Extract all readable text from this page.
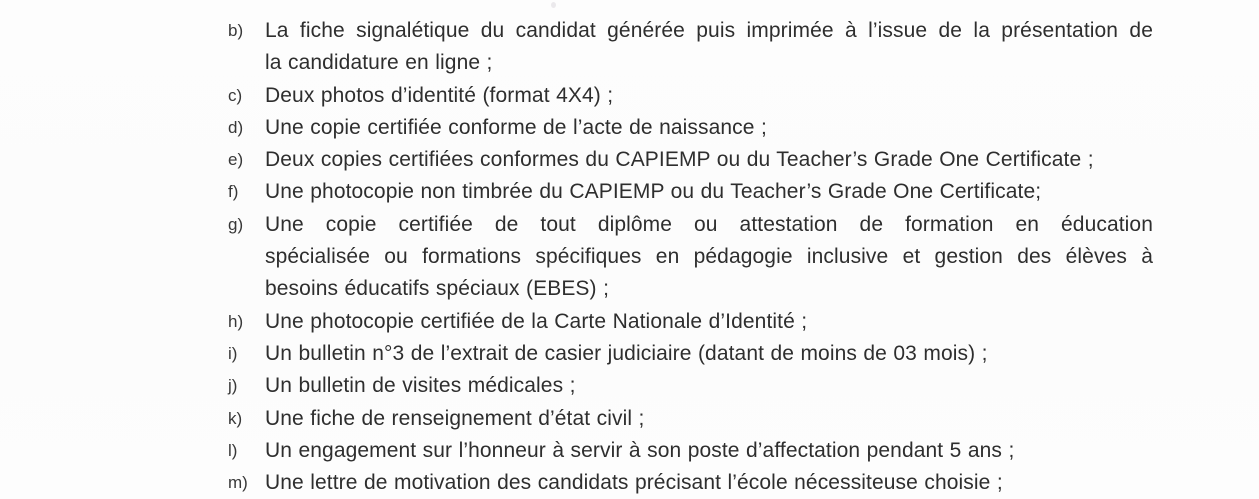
b)	La fiche signalétique du candidat générée puis imprimée à l’issue de la présentation de
la candidature en ligne ;
c)	Deux photos d’identité (format 4X4) ;
d)	Une copie certifiée conforme de l’acte de naissance ;
e)	Deux copies certifiées conformes du CAPIEMP ou du Teacher’s Grade One Certificate ;
f)	Une photocopie non timbrée du CAPIEMP ou du Teacher’s Grade One Certificate;
g)	Une copie certifiée de tout diplôme ou attestation de formation en éducation
spécialisée ou formations spécifiques en pédagogie inclusive et gestion des élèves à
besoins éducatifs spéciaux (EBES) ;
h)	Une photocopie certifiée de la Carte Nationale d’Identité ;
i)	Un bulletin n°3 de l’extrait de casier judiciaire (datant de moins de 03 mois) ;
j)	Un bulletin de visites médicales ;
k)	Une fiche de renseignement d’état civil ;
l)	Un engagement sur l’honneur à servir à son poste d’affectation pendant 5 ans ;
m) Une lettre de motivation des candidats précisant l’école nécessiteuse choisie ;
